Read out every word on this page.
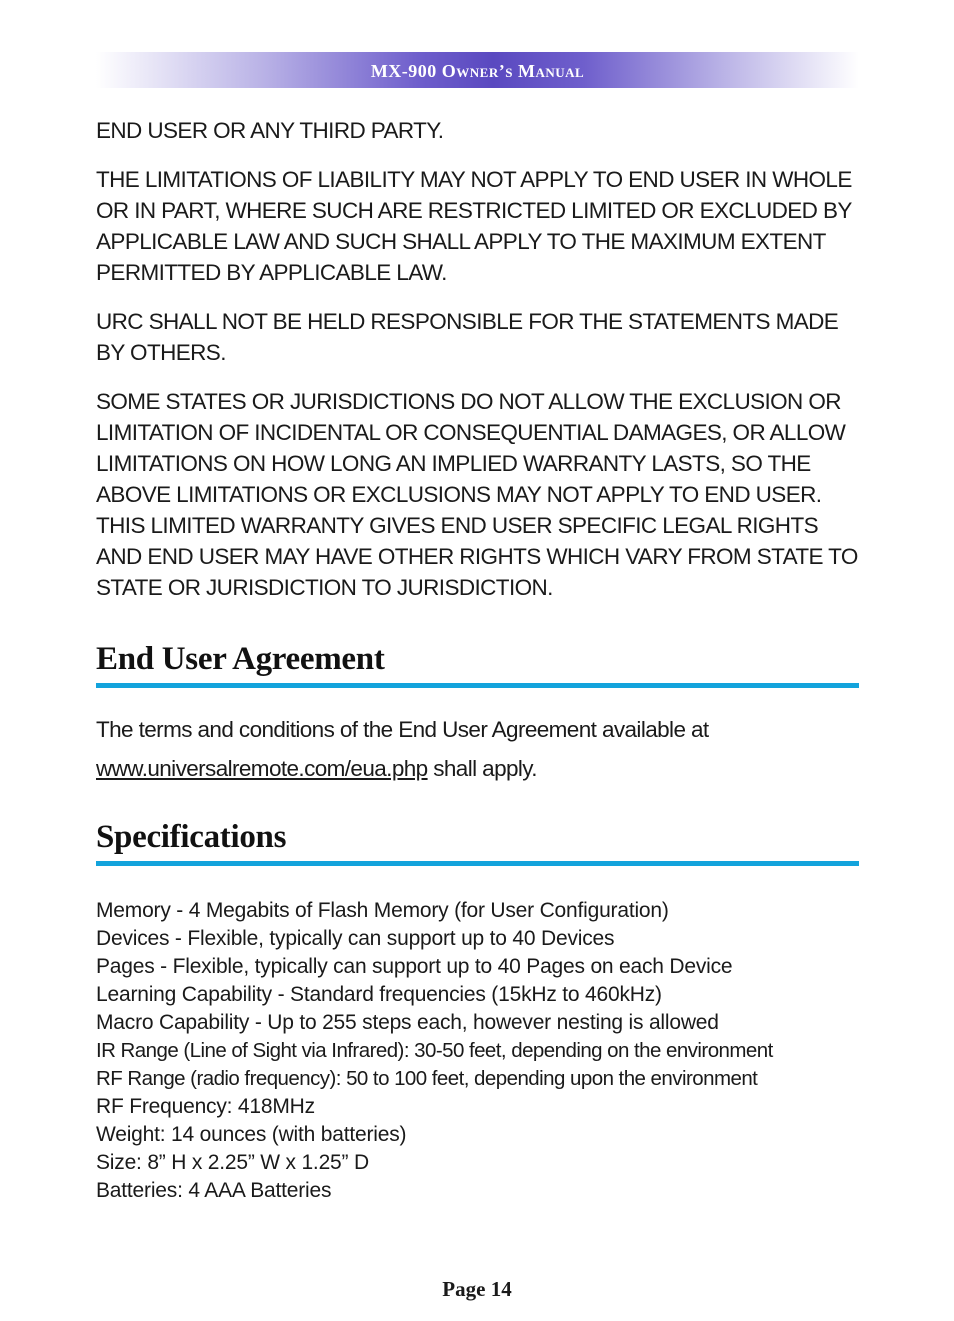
MX-900 Owner’s Manual

END USER OR ANY THIRD PARTY.

THE LIMITATIONS OF LIABILITY MAY NOT APPLY TO END USER IN WHOLE OR IN PART, WHERE SUCH ARE RESTRICTED LIMITED OR EXCLUDED BY APPLICABLE LAW AND SUCH SHALL APPLY TO THE MAXIMUM EXTENT PERMITTED BY APPLICABLE LAW.

URC SHALL NOT BE HELD RESPONSIBLE FOR THE STATEMENTS MADE BY OTHERS.

SOME STATES OR JURISDICTIONS DO NOT ALLOW THE EXCLUSION OR LIMITATION OF INCIDENTAL OR CONSEQUENTIAL DAMAGES, OR ALLOW LIMITATIONS ON HOW LONG AN IMPLIED WARRANTY LASTS, SO THE ABOVE LIMITATIONS OR EXCLUSIONS MAY NOT APPLY TO END USER. THIS LIMITED WARRANTY GIVES END USER SPECIFIC LEGAL RIGHTS AND END USER MAY HAVE OTHER RIGHTS WHICH VARY FROM STATE TO STATE OR JURISDICTION TO JURISDICTION.

End User Agreement
The terms and conditions of the End User Agreement available at
www.universalremote.com/eua.php shall apply.
Specifications
Memory - 4 Megabits of Flash Memory (for User Configuration)
Devices - Flexible, typically can support up to 40 Devices
Pages - Flexible, typically can support up to 40 Pages on each Device
Learning Capability - Standard frequencies (15kHz to 460kHz)
Macro Capability - Up to 255 steps each, however nesting is allowed
IR Range (Line of Sight via Infrared): 30-50 feet, depending on the environment
RF Range (radio frequency): 50 to 100 feet, depending upon the environment
RF Frequency: 418MHz
Weight: 14 ounces (with batteries)
Size: 8” H x 2.25” W x 1.25” D
Batteries: 4 AAA Batteries
Page 14
